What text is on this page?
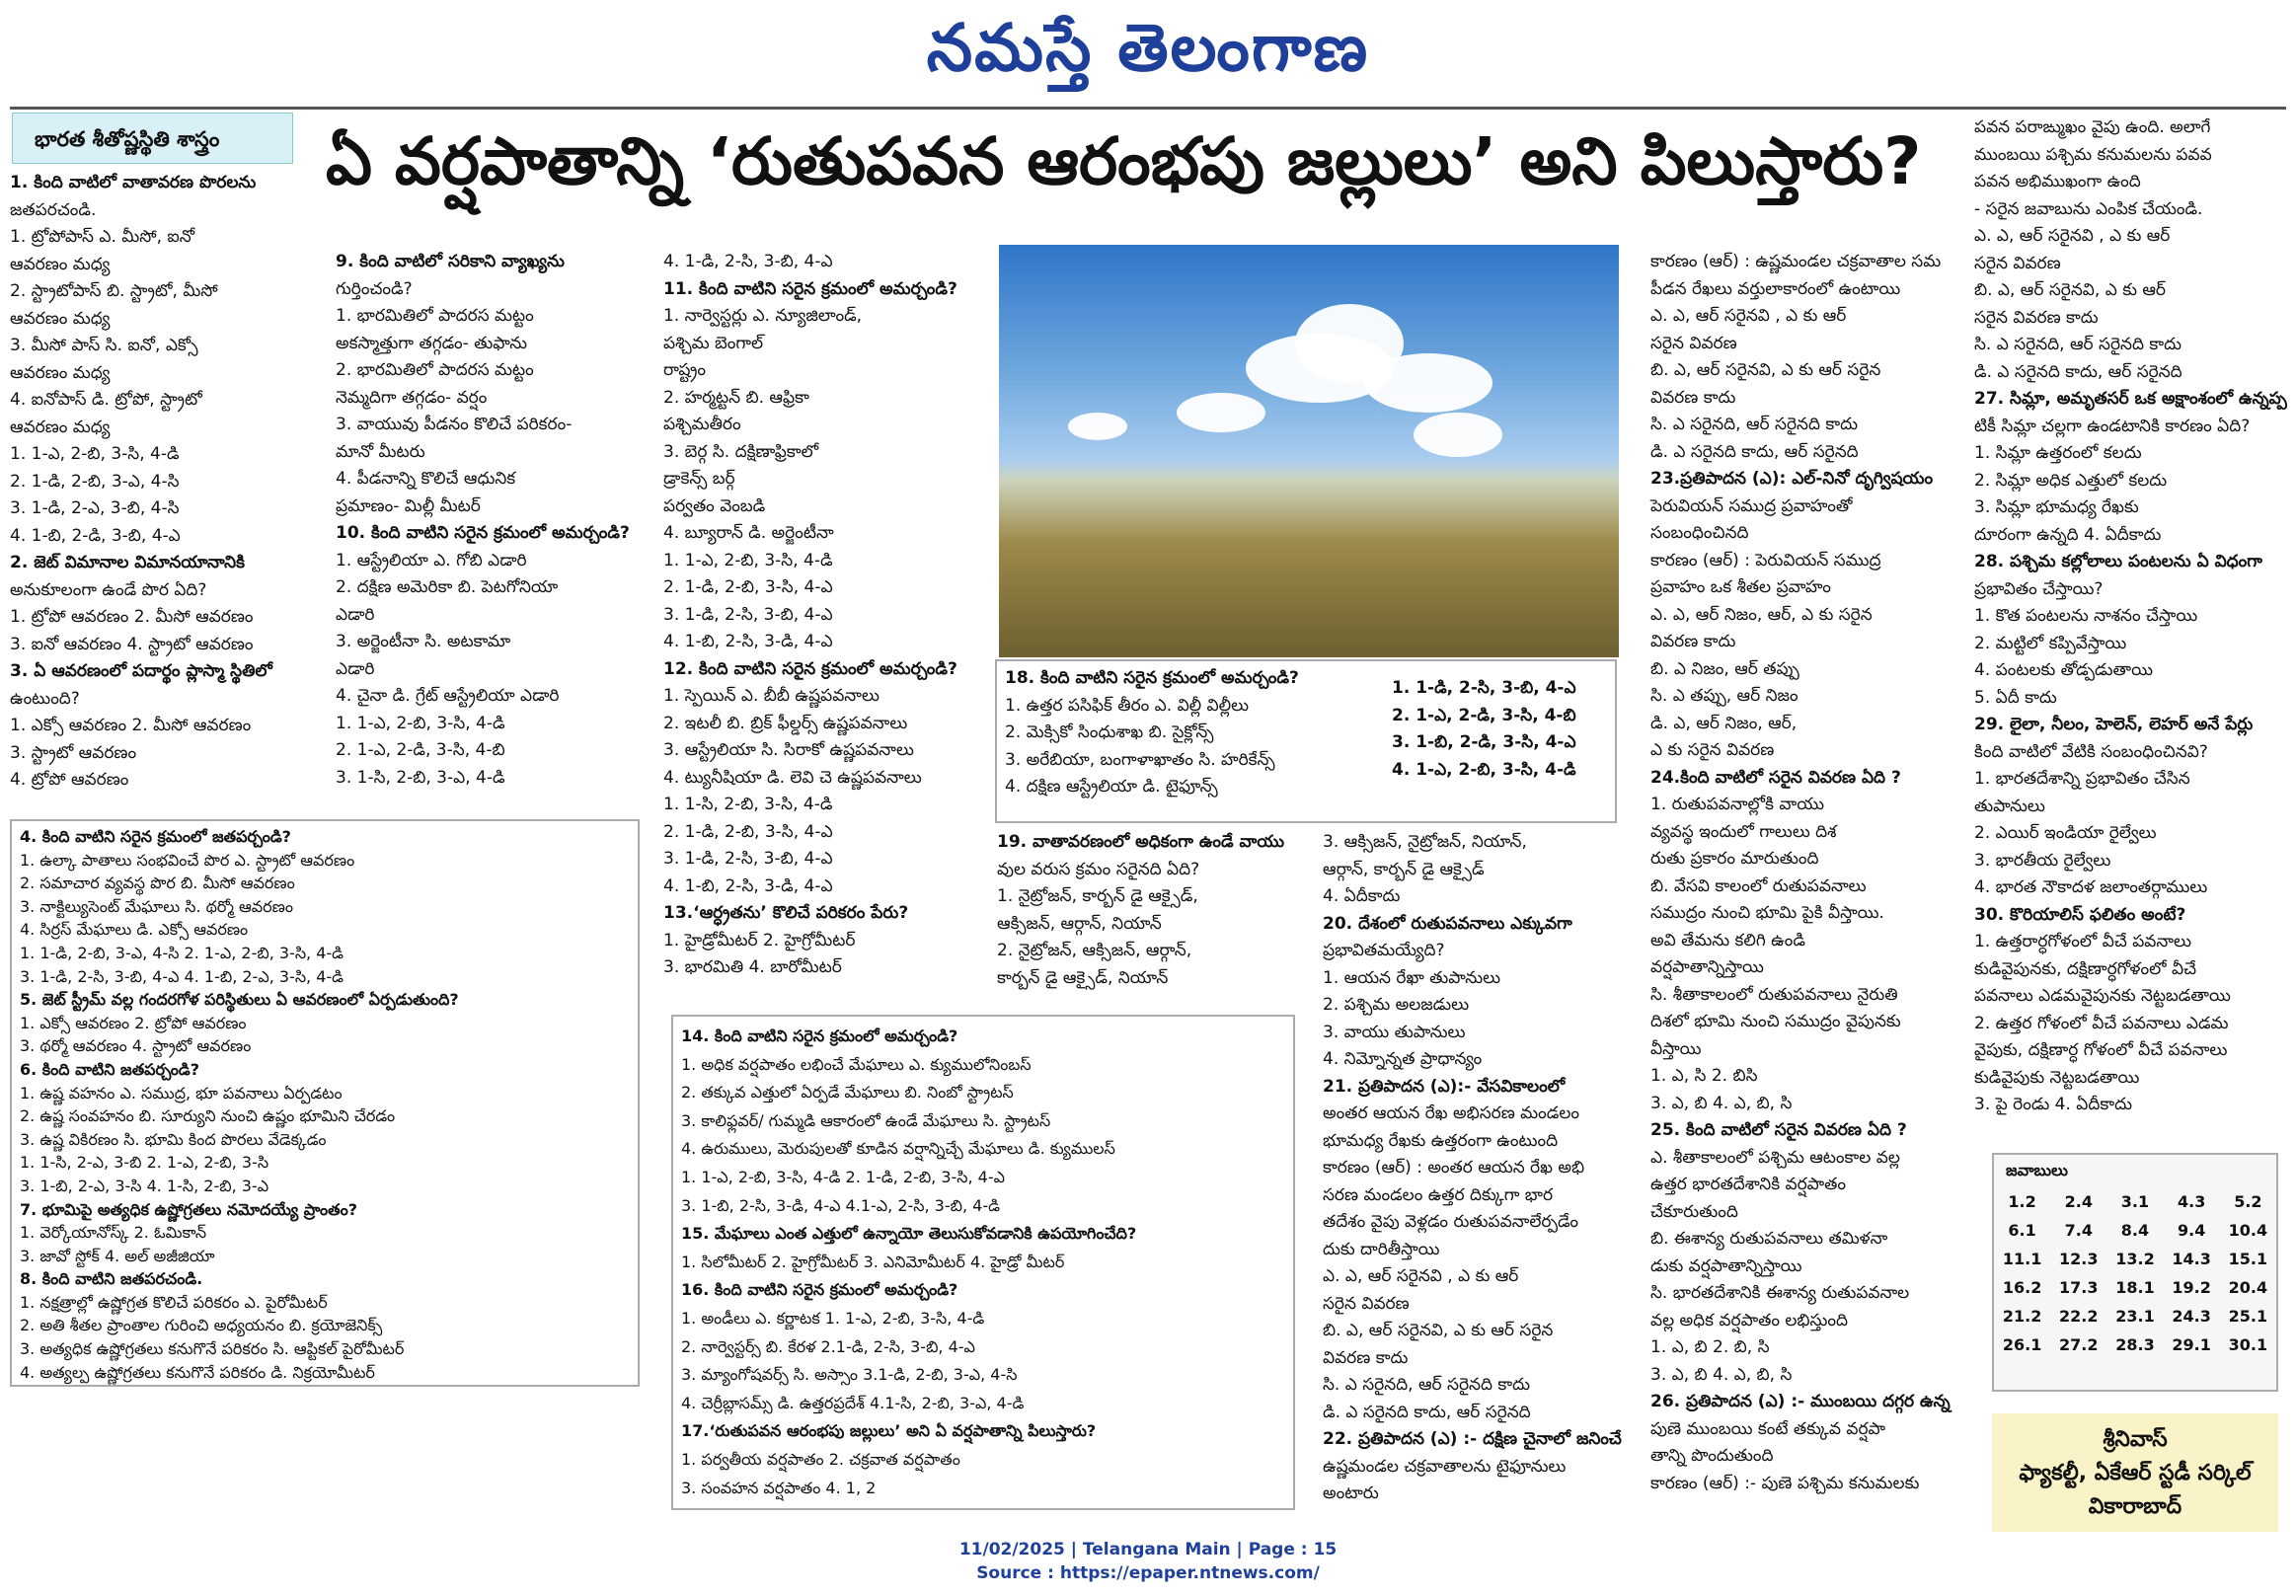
నమస్తే తెలంగాణ
భారత శీతోష్ణస్థితి శాస్త్రం	ఏ వర్షపాతాన్ని ‘రుతుపవన ఆరంభపు జల్లులు’ అని పిలుస్తారు?

1. కింది వాటిలో వాతావరణ పొరలను

జతపరచండి.

1. ట్రోపోపాస్ ఎ. మీసో, ఐనో

ఆవరణం మధ్య

2. స్ట్రాటోపాస్ బి. స్ట్రాటో, మీసో

ఆవరణం మధ్య

3. మీసో పాస్ సి. ఐనో, ఎక్సో

ఆవరణం మధ్య

4. ఐనోపాస్ డి. ట్రోపో, స్ట్రాటో

ఆవరణం మధ్య

1. 1-ఎ, 2-బి, 3-సి, 4-డి

2. 1-డి, 2-బి, 3-ఎ, 4-సి

3. 1-డి, 2-ఎ, 3-బి, 4-సి

4. 1-బి, 2-డి, 3-బి, 4-ఎ

2. జెట్ విమానాల విమానయానానికి

అనుకూలంగా ఉండే పొర ఏది?

1. ట్రోపో ఆవరణం 2. మీసో ఆవరణం

3. ఐనో ఆవరణం 4. స్ట్రాటో ఆవరణం

3. ఏ ఆవరణంలో పదార్థం ప్లాస్మా స్థితిలో

ఉంటుంది?

1. ఎక్సో ఆవరణం 2. మీసో ఆవరణం

3. స్ట్రాటో ఆవరణం

4. ట్రోపో ఆవరణం

4. కింది వాటిని సరైన క్రమంలో జతపర్చండి?

1. ఉల్కా పాతాలు సంభవించే పొర ఎ. స్ట్రాటో ఆవరణం

2. సమాచార వ్యవస్థ పొర బి. మీసో ఆవరణం

3. నాక్టిల్యుసెంట్ మేఘాలు సి. థర్మో ఆవరణం

4. సిర్రస్ మేఘాలు డి. ఎక్సో ఆవరణం

1. 1-డి, 2-బి, 3-ఎ, 4-సి 2. 1-ఎ, 2-బి, 3-సి, 4-డి

3. 1-డి, 2-సి, 3-బి, 4-ఎ 4. 1-బి, 2-ఎ, 3-సి, 4-డి

5. జెట్ స్ట్రీమ్ వల్ల గందరగోళ పరిస్థితులు ఏ ఆవరణంలో ఏర్పడుతుంది?

1. ఎక్సో ఆవరణం 2. ట్రోపో ఆవరణం

3. థర్మో ఆవరణం 4. స్ట్రాటో ఆవరణం

6. కింది వాటిని జతపర్చండి?

1. ఉష్ణ వహనం ఎ. సముద్ర, భూ పవనాలు ఏర్పడటం

2. ఉష్ణ సంవహనం బి. సూర్యుని నుంచి ఉష్ణం భూమిని చేరడం

3. ఉష్ణ వికిరణం సి. భూమి కింద పొరలు వేడెక్కడం

1. 1-సి, 2-ఎ, 3-బి 2. 1-ఎ, 2-బి, 3-సి

3. 1-బి, 2-ఎ, 3-సి 4. 1-సి, 2-బి, 3-ఎ

7. భూమిపై అత్యధిక ఉష్ణోగ్రతలు నమోదయ్యే ప్రాంతం?

1. వెర్కోయానోస్క్ 2. ఓమికాన్

3. జావో స్టోక్ 4. అల్ అజీజియా

8. కింది వాటిని జతపరచండి.

1. నక్షత్రాల్లో ఉష్ణోగ్రత కొలిచే పరికరం ఎ. పైరోమీటర్

2. అతి శీతల ప్రాంతాల గురించి అధ్యయనం బి. క్రయోజెనిక్స్

3. అత్యధిక ఉష్ణోగ్రతలు కనుగొనే పరికరం సి. ఆప్టికల్ పైరోమీటర్

4. అత్యల్ప ఉష్ణోగ్రతలు కనుగొనే పరికరం డి. నిక్రయోమీటర్

9. కింది వాటిలో సరికాని వ్యాఖ్యను

గుర్తించండి?

1. భారమితిలో పాదరస మట్టం

అకస్మాత్తుగా తగ్గడం- తుఫాను

2. భారమితిలో పాదరస మట్టం

నెమ్మదిగా తగ్గడం- వర్షం

3. వాయువు పీడనం కొలిచే పరికరం-

మానో మీటరు

4. పీడనాన్ని కొలిచే ఆధునిక

ప్రమాణం- మిల్లీ మీటర్

10. కింది వాటిని సరైన క్రమంలో అమర్చండి?

1. ఆస్ట్రేలియా ఎ. గోబి ఎడారి

2. దక్షిణ అమెరికా బి. పెటగోనియా

ఎడారి

3. అర్జెంటీనా సి. అటకామా

ఎడారి

4. చైనా డి. గ్రేట్ ఆస్ట్రేలియా ఎడారి

1. 1-ఎ, 2-బి, 3-సి, 4-డి

2. 1-ఎ, 2-డి, 3-సి, 4-బి

3. 1-సి, 2-బి, 3-ఎ, 4-డి

4. 1-డి, 2-సి, 3-బి, 4-ఎ

11. కింది వాటిని సరైన క్రమంలో అమర్చండి?

1. నార్వెస్టర్లు ఎ. న్యూజిలాండ్,

పశ్చిమ బెంగాల్

రాష్ట్రం

2. హర్మట్టన్ బి. ఆఫ్రికా

పశ్చిమతీరం

3. బెర్గ సి. దక్షిణాఫ్రికాలో

డ్రాకెన్స్ బర్గ్

పర్వతం వెంబడి

4. బ్యూరాన్ డి. అర్జెంటీనా

1. 1-ఎ, 2-బి, 3-సి, 4-డి

2. 1-డి, 2-బి, 3-సి, 4-ఎ

3. 1-డి, 2-సి, 3-బి, 4-ఎ

4. 1-బి, 2-సి, 3-డి, 4-ఎ

12. కింది వాటిని సరైన క్రమంలో అమర్చండి?

1. స్పెయిన్ ఎ. బీబీ ఉష్ణపవనాలు

2. ఇటలీ బి. బ్రిక్ ఫీల్డర్స్ ఉష్ణపవనాలు

3. ఆస్ట్రేలియా సి. సిరాకో ఉష్ణపవనాలు

4. ట్యునీషియా డి. లెవి చె ఉష్ణపవనాలు

1. 1-సి, 2-బి, 3-సి, 4-డి

2. 1-డి, 2-బి, 3-సి, 4-ఎ

3. 1-డి, 2-సి, 3-బి, 4-ఎ

4. 1-బి, 2-సి, 3-డి, 4-ఎ

13.‘ఆర్ధ్రతను’ కొలిచే పరికరం పేరు?

1. హైడ్రోమీటర్ 2. హైగ్రోమీటర్

3. భారమితి 4. బారోమీటర్

18. కింది వాటిని సరైన క్రమంలో అమర్చండి?

1. ఉత్తర పసిఫిక్ తీరం ఎ. విల్లీ విల్లీలు

2. మెక్సికో సింధుశాఖ బి. సైక్లోన్స్

3. అరేబియా, బంగాళాఖాతం సి. హరికేన్స్

4. దక్షిణ ఆస్ట్రేలియా డి. టైఫూన్స్

1. 1-డి, 2-సి, 3-బి, 4-ఎ

2. 1-ఎ, 2-డి, 3-సి, 4-బి

3. 1-బి, 2-డి, 3-సి, 4-ఎ

4. 1-ఎ, 2-బి, 3-సి, 4-డి

19. వాతావరణంలో అధికంగా ఉండే వాయు

వుల వరుస క్రమం సరైనది ఏది?

1. నైట్రోజన్, కార్బన్ డై ఆక్సైడ్,

ఆక్సిజన్, ఆర్గాన్, నియాన్

2. నైట్రోజన్, ఆక్సిజన్, ఆర్గాన్,

కార్బన్ డై ఆక్సైడ్, నియాన్

3. ఆక్సిజన్, నైట్రోజన్, నియాన్,

ఆర్గాన్, కార్బన్ డై ఆక్సైడ్

4. ఏదీకాదు

20. దేశంలో రుతుపవనాలు ఎక్కువగా

ప్రభావితమయ్యేది?

1. ఆయన రేఖా తుపానులు

2. పశ్చిమ అలజడులు

3. వాయు తుపానులు

4. నిమ్నోన్నత ప్రాధాన్యం

21. ప్రతిపాదన (ఎ):- వేసవికాలంలో

అంతర ఆయన రేఖ అభిసరణ మండలం

భూమధ్య రేఖకు ఉత్తరంగా ఉంటుంది

కారణం (ఆర్) : అంతర ఆయన రేఖ అభి

సరణ మండలం ఉత్తర దిక్కుగా భార

తదేశం వైపు వెళ్లడం రుతుపవనాలేర్పడేం

దుకు దారితీస్తాయి

ఎ. ఎ, ఆర్ సరైనవి , ఎ కు ఆర్

సరైన వివరణ

బి. ఎ, ఆర్ సరైనవి, ఎ కు ఆర్ సరైన

వివరణ కాదు

సి. ఎ సరైనది, ఆర్ సరైనది కాదు

డి. ఎ సరైనది కాదు, ఆర్ సరైనది

22. ప్రతిపాదన (ఎ) :- దక్షిణ చైనాలో జనించే

ఉష్ణమండల చక్రవాతాలను టైఫూనులు

అంటారు

14. కింది వాటిని సరైన క్రమంలో అమర్చండి?

1. అధిక వర్షపాతం లభించే మేఘాలు ఎ. క్యుములోనింబస్

2. తక్కువ ఎత్తులో ఏర్పడే మేఘాలు బి. నింబో స్ట్రాటస్

3. కాలిఫ్లవర్/ గుమ్మడి ఆకారంలో ఉండే మేఘాలు సి. స్ట్రాటస్

4. ఉరుములు, మెరుపులతో కూడిన వర్షాన్నిచ్చే మేఘాలు డి. క్యుములస్

1. 1-ఎ, 2-బి, 3-సి, 4-డి 2. 1-డి, 2-బి, 3-సి, 4-ఎ

3. 1-బి, 2-సి, 3-డి, 4-ఎ 4.1-ఎ, 2-సి, 3-బి, 4-డి

15. మేఘాలు ఎంత ఎత్తులో ఉన్నాయో తెలుసుకోవడానికి ఉపయోగించేది?

1. సిలోమీటర్ 2. హైగ్రోమీటర్ 3. ఎనిమోమీటర్ 4. హైడ్రో మీటర్

16. కింది వాటిని సరైన క్రమంలో అమర్చండి?

1. అండీలు ఎ. కర్ణాటక 1. 1-ఎ, 2-బి, 3-సి, 4-డి

2. నార్వెస్టర్స్ బి. కేరళ 2.1-డి, 2-సి, 3-బి, 4-ఎ

3. మ్యాంగోషవర్స్ సి. అస్సాం 3.1-డి, 2-బి, 3-ఎ, 4-సి

4. చెర్రీబ్లాసమ్స్ డి. ఉత్తరప్రదేశ్ 4.1-సి, 2-బి, 3-ఎ, 4-డి

17.‘రుతుపవన ఆరంభపు జల్లులు’ అని ఏ వర్షపాతాన్ని పిలుస్తారు?

1. పర్వతీయ వర్షపాతం 2. చక్రవాత వర్షపాతం

3. సంవహన వర్షపాతం 4. 1, 2

కారణం (ఆర్) : ఉష్ణమండల చక్రవాతాల సమ

పీడన రేఖలు వర్తులాకారంలో ఉంటాయి

ఎ. ఎ, ఆర్ సరైనవి , ఎ కు ఆర్

సరైన వివరణ

బి. ఎ, ఆర్ సరైనవి, ఎ కు ఆర్ సరైన

వివరణ కాదు

సి. ఎ సరైనది, ఆర్ సరైనది కాదు

డి. ఎ సరైనది కాదు, ఆర్ సరైనది

23.ప్రతిపాదన (ఎ): ఎల్-నినో దృగ్విషయం

పెరువియన్ సముద్ర ప్రవాహంతో

సంబంధించినది

కారణం (ఆర్) : పెరువియన్ సముద్ర

ప్రవాహం ఒక శీతల ప్రవాహం

ఎ. ఎ, ఆర్ నిజం, ఆర్, ఎ కు సరైన

వివరణ కాదు

బి. ఎ నిజం, ఆర్ తప్పు

సి. ఎ తప్పు, ఆర్ నిజం

డి. ఎ, ఆర్ నిజం, ఆర్,

ఎ కు సరైన వివరణ

24.కింది వాటిలో సరైన వివరణ ఏది ?

1. రుతుపవనాల్లోకి వాయు

వ్యవస్థ ఇందులో గాలులు దిశ

రుతు ప్రకారం మారుతుంది

బి. వేసవి కాలంలో రుతుపవనాలు

సముద్రం నుంచి భూమి పైకి వీస్తాయి.

అవి తేమను కలిగి ఉండి

వర్షపాతాన్నిస్తాయి

సి. శీతాకాలంలో రుతుపవనాలు నైరుతి

దిశలో భూమి నుంచి సముద్రం వైపునకు

వీస్తాయి

1. ఎ, సి 2. బిసి

3. ఎ, బి 4. ఎ, బి, సి

25. కింది వాటిలో సరైన వివరణ ఏది ?

ఎ. శీతాకాలంలో పశ్చిమ ఆటంకాల వల్ల

ఉత్తర భారతదేశానికి వర్షపాతం

చేకూరుతుంది

బి. ఈశాన్య రుతుపవనాలు తమిళనా

డుకు వర్షపాతాన్నిస్తాయి

సి. భారతదేశానికి ఈశాన్య రుతుపవనాల

వల్ల అధిక వర్షపాతం లభిస్తుంది

1. ఎ, బి 2. బి, సి

3. ఎ, బి 4. ఎ, బి, సి

26. ప్రతిపాదన (ఎ) :- ముంబయి దగ్గర ఉన్న

పుణె ముంబయి కంటే తక్కువ వర్షపా

తాన్ని పొందుతుంది

కారణం (ఆర్) :- పుణె పశ్చిమ కనుమలకు

పవన పరాఙ్ముఖం వైపు ఉంది. అలాగే

ముంబయి పశ్చిమ కనుమలను పవవ

పవన అభిముఖంగా ఉంది

- సరైన జవాబును ఎంపిక చేయండి.

ఎ. ఎ, ఆర్ సరైనవి , ఎ కు ఆర్

సరైన వివరణ

బి. ఎ, ఆర్ సరైనవి, ఎ కు ఆర్

సరైన వివరణ కాదు

సి. ఎ సరైనది, ఆర్ సరైనది కాదు

డి. ఎ సరైనది కాదు, ఆర్ సరైనది

27. సిమ్లా, అమృతసర్ ఒక అక్షాంశంలో ఉన్నప్ప

టికీ సిమ్లా చల్లగా ఉండటానికి కారణం ఏది?

1. సిమ్లా ఉత్తరంలో కలదు

2. సిమ్లా అధిక ఎత్తులో కలదు

3. సిమ్లా భూమధ్య రేఖకు

దూరంగా ఉన్నది 4. ఏదీకాదు

28. పశ్చిమ కల్లోలాలు పంటలను ఏ విధంగా

ప్రభావితం చేస్తాయి?

1. కొత పంటలను నాశనం చేస్తాయి

2. మట్టిలో కప్పివేస్తాయి

4. పంటలకు తోడ్పడుతాయి

5. ఏదీ కాదు

29. లైలా, నీలం, హెలెన్, లెహర్ అనే పేర్లు

కింది వాటిలో వేటికి సంబంధించినవి?

1. భారతదేశాన్ని ప్రభావితం చేసిన

తుపానులు

2. ఎయిర్ ఇండియా రైల్వేలు

3. భారతీయ రైల్వేలు

4. భారత నౌకాదళ జలాంతర్గాములు

30. కొరియాలిస్ ఫలితం అంటే?

1. ఉత్తరార్ధగోళంలో వీచే పవనాలు

కుడివైపునకు, దక్షిణార్ధగోళంలో వీచే

పవనాలు ఎడమవైపునకు నెట్టబడతాయి

2. ఉత్తర గోళంలో వీచే పవనాలు ఎడమ

వైపుకు, దక్షిణార్ధ గోళంలో వీచే పవనాలు

కుడివైపుకు నెట్టబడతాయి

3. పై రెండు 4. ఏదీకాదు

జవాబులు
1.2	2.4	3.1	4.3	5.2
6.1	7.4	8.4	9.4	10.4
11.1	12.3	13.2	14.3	15.1
16.2	17.3	18.1	19.2	20.4
21.2	22.2	23.1	24.3	25.1
26.1	27.2	28.3	29.1	30.1
శ్రీనివాస్
ఫ్యాకల్టీ, ఏకేఆర్ స్టడీ సర్కిల్
వికారాబాద్
11/02/2025 | Telangana Main | Page : 15
Source : https://epaper.ntnews.com/
